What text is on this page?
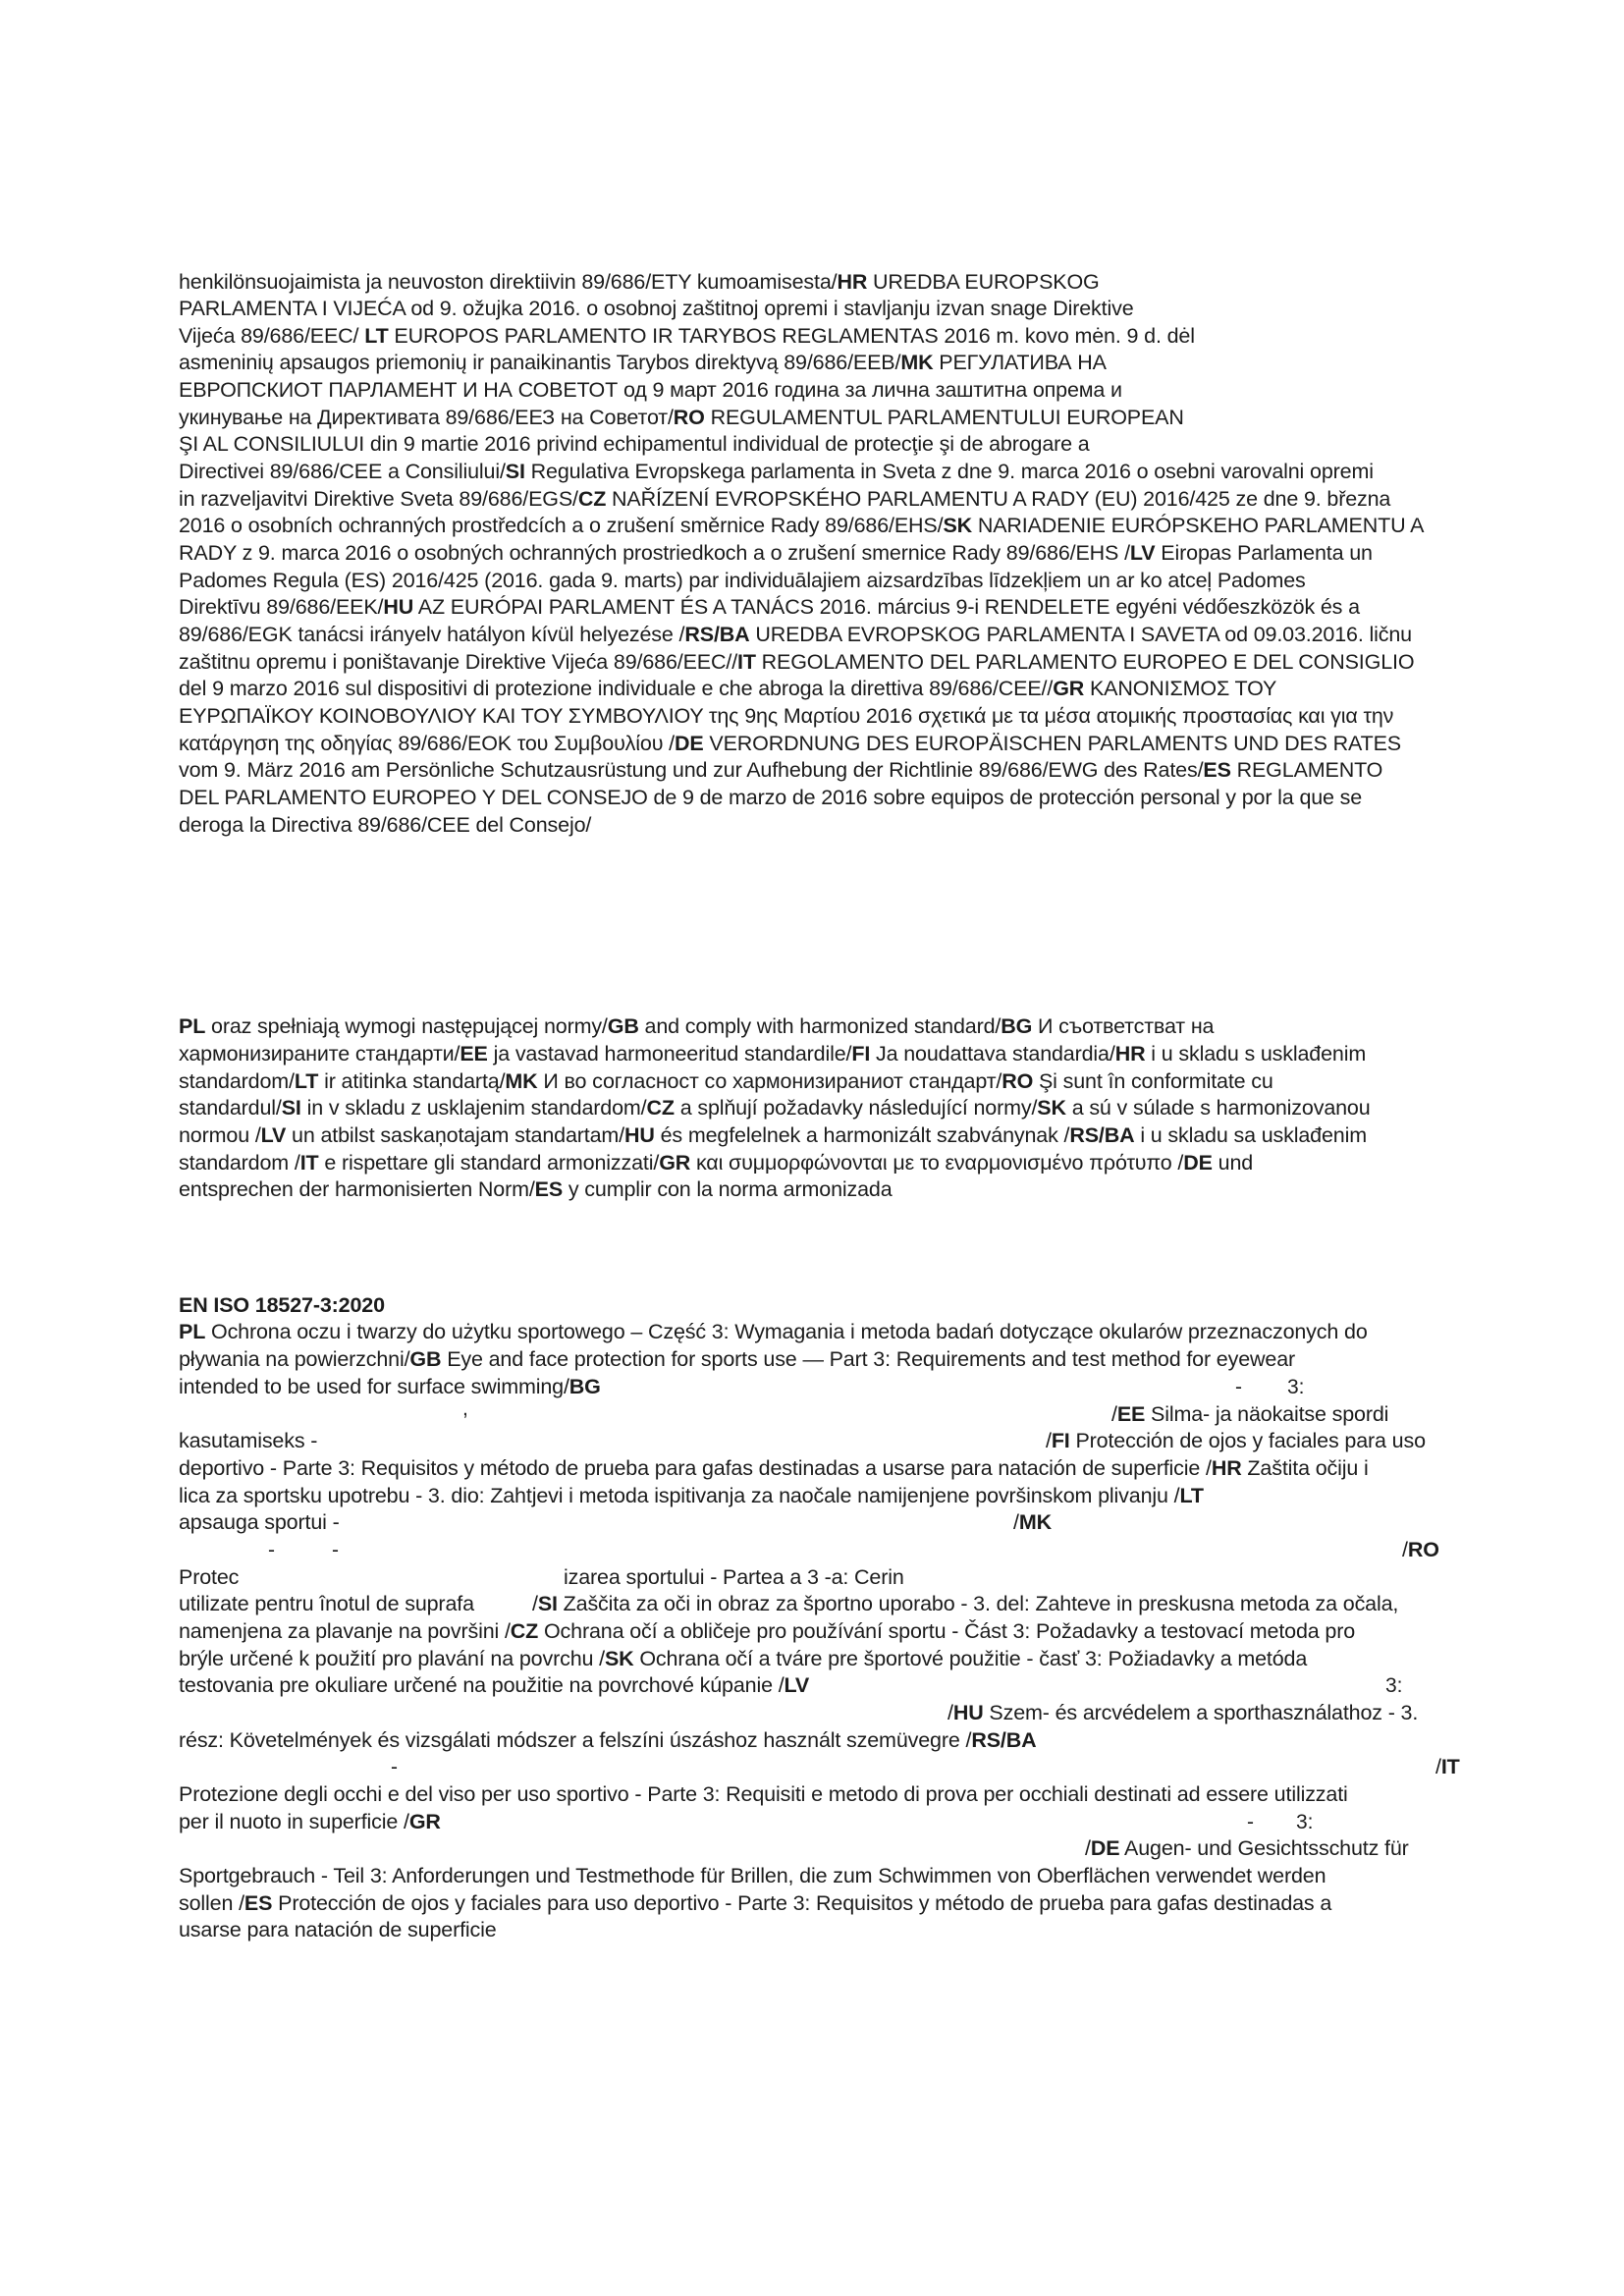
henkilönsuojaimista ja neuvoston direktiivin 89/686/ETY kumoamisesta/HR UREDBA EUROPSKOG
PARLAMENTA I VIJEĆA od 9. ožujka 2016. o osobnoj zaštitnoj opremi i stavljanju izvan snage Direktive
Vijeća 89/686/EEC/ LT EUROPOS PARLAMENTO IR TARYBOS REGLAMENTAS 2016 m. kovo mėn. 9 d. dėl
asmeninių apsaugos priemonių ir panaikinantis Tarybos direktyvą 89/686/EEB/MK РЕГУЛАТИВА НА
ЕВРОПСКИОТ ПАРЛАМЕНТ И НА СОВЕТОТ од 9 март 2016 година за лична заштитна опрема и
укинување на Директивата 89/686/ЕЕЗ на Советот/RO REGULAMENTUL PARLAMENTULUI EUROPEAN
ŞI AL CONSILIULUI din 9 martie 2016 privind echipamentul individual de protecţie şi de abrogare a
Directivei 89/686/CEE a Consiliului/SI Regulativa Evropskega parlamenta in Sveta z dne 9. marca 2016 o osebni varovalni opremi
in razveljavitvi Direktive Sveta 89/686/EGS/CZ NAŘÍZENÍ EVROPSKÉHO PARLAMENTU A RADY (EU) 2016/425 ze dne 9. března
2016 o osobních ochranných prostředcích a o zrušení směrnice Rady 89/686/EHS/SK NARIADENIE EURÓPSKEHO PARLAMENTU A
RADY z 9. marca 2016 o osobných ochranných prostriedkoch a o zrušení smernice Rady 89/686/EHS /LV Eiropas Parlamenta un
Padomes Regula (ES) 2016/425 (2016. gada 9. marts) par individuālajiem aizsardzības līdzekļiem un ar ko atceļ Padomes
Direktīvu 89/686/EEK/HU AZ EURÓPAI PARLAMENT ÉS A TANÁCS 2016. március 9-i RENDELETE egyéni védőeszközök és a
89/686/EGK tanácsi irányelv hatályon kívül helyezése /RS/BA UREDBA EVROPSKOG PARLAMENTA I SAVETA od 09.03.2016. ličnu
zaštitnu opremu i poništavanje Direktive Vijeća 89/686/EEC//IT REGOLAMENTO DEL PARLAMENTO EUROPEO E DEL CONSIGLIO
del 9 marzo 2016 sul dispositivi di protezione individuale e che abroga la direttiva 89/686/CEE//GR ΚΑΝΟΝΙΣΜΟΣ ΤΟΥ
ΕΥΡΩΠΑΪΚΟΥ ΚΟΙΝΟΒΟΥΛΙΟΥ ΚΑΙ ΤΟΥ ΣΥΜΒΟΥΛΙΟΥ της 9ης Μαρτίου 2016 σχετικά με τα μέσα ατομικής προστασίας και για την
κατάργηση της οδηγίας 89/686/ΕΟΚ του Συμβουλίου /DE VERORDNUNG DES EUROPÄISCHEN PARLAMENTS UND DES RATES
vom 9. März 2016 am Persönliche Schutzausrüstung und zur Aufhebung der Richtlinie 89/686/EWG des Rates/ES REGLAMENTO
DEL PARLAMENTO EUROPEO Y DEL CONSEJO de 9 de marzo de 2016 sobre equipos de protección personal y por la que se
deroga la Directiva 89/686/CEE del Consejo/
PL oraz spełniają wymogi następującej normy/GB and comply with harmonized standard/BG И съответстват на
хармонизираните стандарти/EE ja vastavad harmoneeritud standardile/FI Ja noudattava standardia/HR i u skladu s usklađenim
standardom/LT ir atitinka standartą/MK И во согласност со хармонизираниот стандарт/RO Şi sunt în conformitate cu
standardul/SI in v skladu z usklajenim standardom/CZ a splňují požadavky následující normy/SK a sú v súlade s harmonizovanou
normou /LV un atbilst saskaņotajam standartam/HU és megfelelnek a harmonizált szabványnak /RS/BA i u skladu sa usklađenim
standardom /IT e rispettare gli standard armonizzati/GR και συμμορφώνονται με το εναρμονισμένο πρότυπο /DE und
entsprechen der harmonisierten Norm/ES y cumplir con la norma armonizada
EN ISO 18527-3:2020
PL Ochrona oczu i twarzy do użytku sportowego – Część 3: Wymagania i metoda badań dotyczące okularów przeznaczonych do
pływania na powierzchni/GB Eye and face protection for sports use — Part 3: Requirements and test method for eyewear
intended to be used for surface swimming/BG	- 3:
,	/EE Silma- ja näokaitse spordi
kasutamiseks -	/FI Protección de ojos y faciales para uso
deportivo - Parte 3: Requisitos y método de prueba para gafas destinadas a usarse para natación de superficie /HR Zaštita očiju i
lica za sportsku upotrebu - 3. dio: Zahtjevi i metoda ispitivanja za naočale namijenjene površinskom plivanju /LT
apsauga sportui -	/MK
-	-	/RO
Protec	izarea sportului - Partea a 3 -a: Cerin
utilizate pentru înotul de suprafa	/SI Zaščita za oči in obraz za športno uporabo - 3. del: Zahteve in preskusna metoda za očala,
namenjena za plavanje na površini /CZ Ochrana očí a obličeje pro používání sportu - Část 3: Požadavky a testovací metoda pro
brýle určené k použití pro plavání na povrchu /SK Ochrana očí a tváre pre športové použitie - časť 3: Požiadavky a metóda
testovania pre okuliare určené na použitie na povrchové kúpanie /LV	3:
/HU Szem- és arcvédelem a sporthasználathoz - 3.
rész: Követelmények és vizsgálati módszer a felszíni úszáshoz használt szemüvegre /RS/BA
-	/IT
Protezione degli occhi e del viso per uso sportivo - Parte 3: Requisiti e metodo di prova per occhiali destinati ad essere utilizzati
per il nuoto in superficie /GR	- 3:
/DE Augen- und Gesichtsschutz für
Sportgebrauch - Teil 3: Anforderungen und Testmethode für Brillen, die zum Schwimmen von Oberflächen verwendet werden
sollen /ES Protección de ojos y faciales para uso deportivo - Parte 3: Requisitos y método de prueba para gafas destinadas a
usarse para natación de superficie
